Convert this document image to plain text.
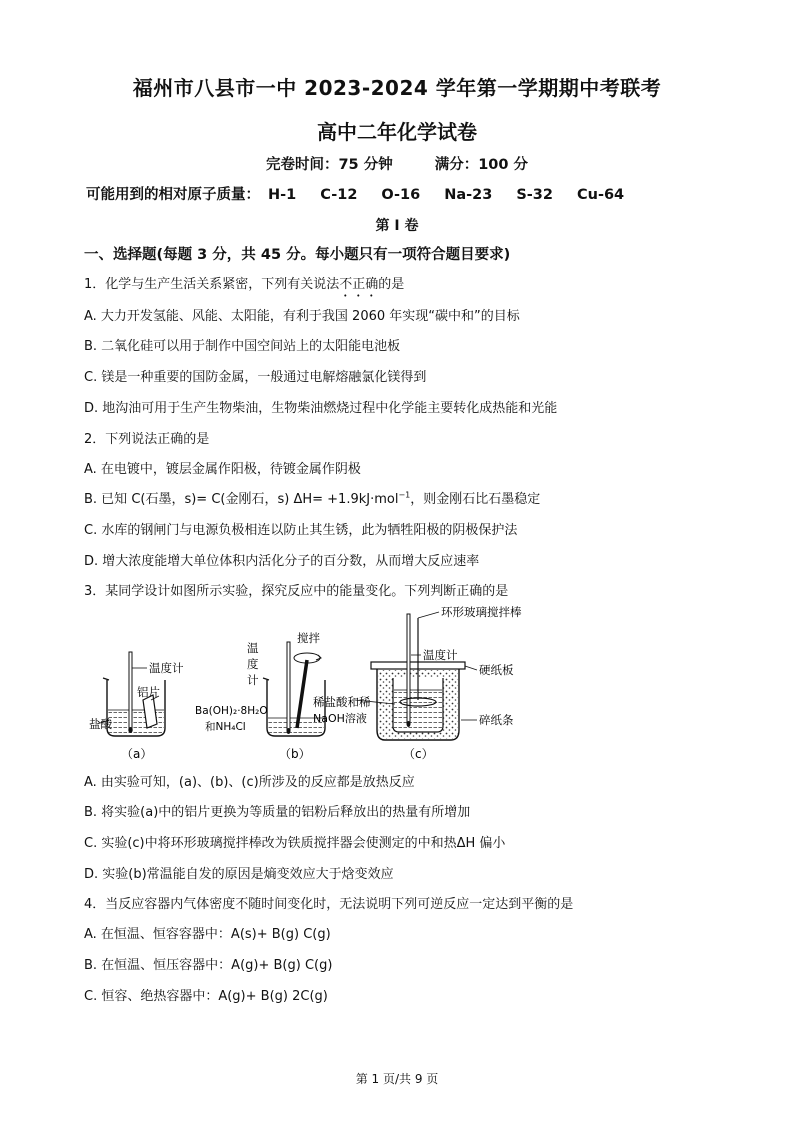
福州市八县市一中 2023-2024 学年第一学期期中考联考
高中二年化学试卷
完卷时间：75 分钟	满分：100 分
可能用到的相对原子质量： H-1 C-12 O-16 Na-23 S-32 Cu-64
第 I 卷
一、选择题(每题 3 分，共 45 分。每小题只有一项符合题目要求)
1．化学与生产生活关系紧密，下列有关说法不正确的是
A. 大力开发氢能、风能、太阳能，有利于我国 2060 年实现“碳中和”的目标
B. 二氧化硅可以用于制作中国空间站上的太阳能电池板
C. 镁是一种重要的国防金属，一般通过电解熔融氯化镁得到
D. 地沟油可用于生产生物柴油，生物柴油燃烧过程中化学能主要转化成热能和光能
2．下列说法正确的是
A. 在电镀中，镀层金属作阳极，待镀金属作阴极
B. 已知 C(石墨，s)= C(金刚石，s) ΔH= +1.9kJ·mol$^{-1}$，则金刚石比石墨稳定
C. 水库的钢闸门与电源负极相连以防止其生锈，此为牺牲阳极的阴极保护法
D. 增大浓度能增大单位体积内活化分子的百分数，从而增大反应速率
3．某同学设计如图所示实验，探究反应中的能量变化。下列判断正确的是
温度计
铝片
盐酸
（a）
温
度
计
搅拌
Ba(OH)₂·8H₂O
和NH₄Cl
（b）
环形玻璃搅拌棒
温度计
硬纸板
稀盐酸和稀
NaOH溶液	碎纸条
（c）
A. 由实验可知，(a)、(b)、(c)所涉及的反应都是放热反应
B. 将实验(a)中的铝片更换为等质量的铝粉后释放出的热量有所增加
C. 实验(c)中将环形玻璃搅拌棒改为铁质搅拌器会使测定的中和热ΔH 偏小
D. 实验(b)常温能自发的原因是熵变效应大于焓变效应
4．当反应容器内气体密度不随时间变化时，无法说明下列可逆反应一定达到平衡的是
A. 在恒温、恒容容器中：A(s)+ B(g) C(g)
B. 在恒温、恒压容器中：A(g)+ B(g) C(g)
C. 恒容、绝热容器中：A(g)+ B(g) 2C(g)
第 1 页/共 9 页
